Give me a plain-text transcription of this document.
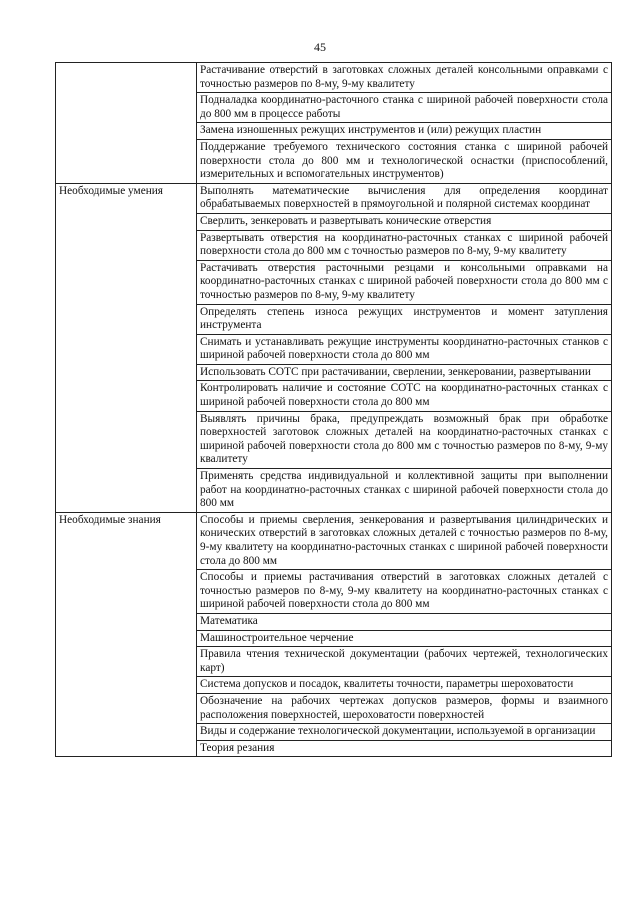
45
	Растачивание отверстий в заготовках сложных деталей консольными оправками с точностью размеров по 8-му, 9-му квалитету
	Подналадка координатно-расточного станка с шириной рабочей поверхности стола до 800 мм в процессе работы
	Замена изношенных режущих инструментов и (или) режущих пластин
	Поддержание требуемого технического состояния станка с шириной рабочей поверхности стола до 800 мм и технологической оснастки (приспособлений, измерительных и вспомогательных инструментов)
Необходимые умения	Выполнять математические вычисления для определения координат обрабатываемых поверхностей в прямоугольной и полярной системах координат
	Сверлить, зенкеровать и развертывать конические отверстия
	Развертывать отверстия на координатно-расточных станках с шириной рабочей поверхности стола до 800 мм с точностью размеров по 8-му, 9-му квалитету
	Растачивать отверстия расточными резцами и консольными оправками на координатно-расточных станках с шириной рабочей поверхности стола до 800 мм с точностью размеров по 8-му, 9-му квалитету
	Определять степень износа режущих инструментов и момент затупления инструмента
	Снимать и устанавливать режущие инструменты координатно-расточных станков с шириной рабочей поверхности стола до 800 мм
	Использовать СОТС при растачивании, сверлении, зенкеровании, развертывании
	Контролировать наличие и состояние СОТС на координатно-расточных станках с шириной рабочей поверхности стола до 800 мм
	Выявлять причины брака, предупреждать возможный брак при обработке поверхностей заготовок сложных деталей на координатно-расточных станках с шириной рабочей поверхности стола до 800 мм с точностью размеров по 8-му, 9-му квалитету
	Применять средства индивидуальной и коллективной защиты при выполнении работ на координатно-расточных станках с шириной рабочей поверхности стола до 800 мм
Необходимые знания	Способы и приемы сверления, зенкерования и развертывания цилиндрических и конических отверстий в заготовках сложных деталей с точностью размеров по 8-му, 9-му квалитету на координатно-расточных станках с шириной рабочей поверхности стола до 800 мм
	Способы и приемы растачивания отверстий в заготовках сложных деталей с точностью размеров по 8-му, 9-му квалитету на координатно-расточных станках с шириной рабочей поверхности стола до 800 мм
	Математика
	Машиностроительное черчение
	Правила чтения технической документации (рабочих чертежей, технологических карт)
	Система допусков и посадок, квалитеты точности, параметры шероховатости
	Обозначение на рабочих чертежах допусков размеров, формы и взаимного расположения поверхностей, шероховатости поверхностей
	Виды и содержание технологической документации, используемой в организации
	Теория резания
